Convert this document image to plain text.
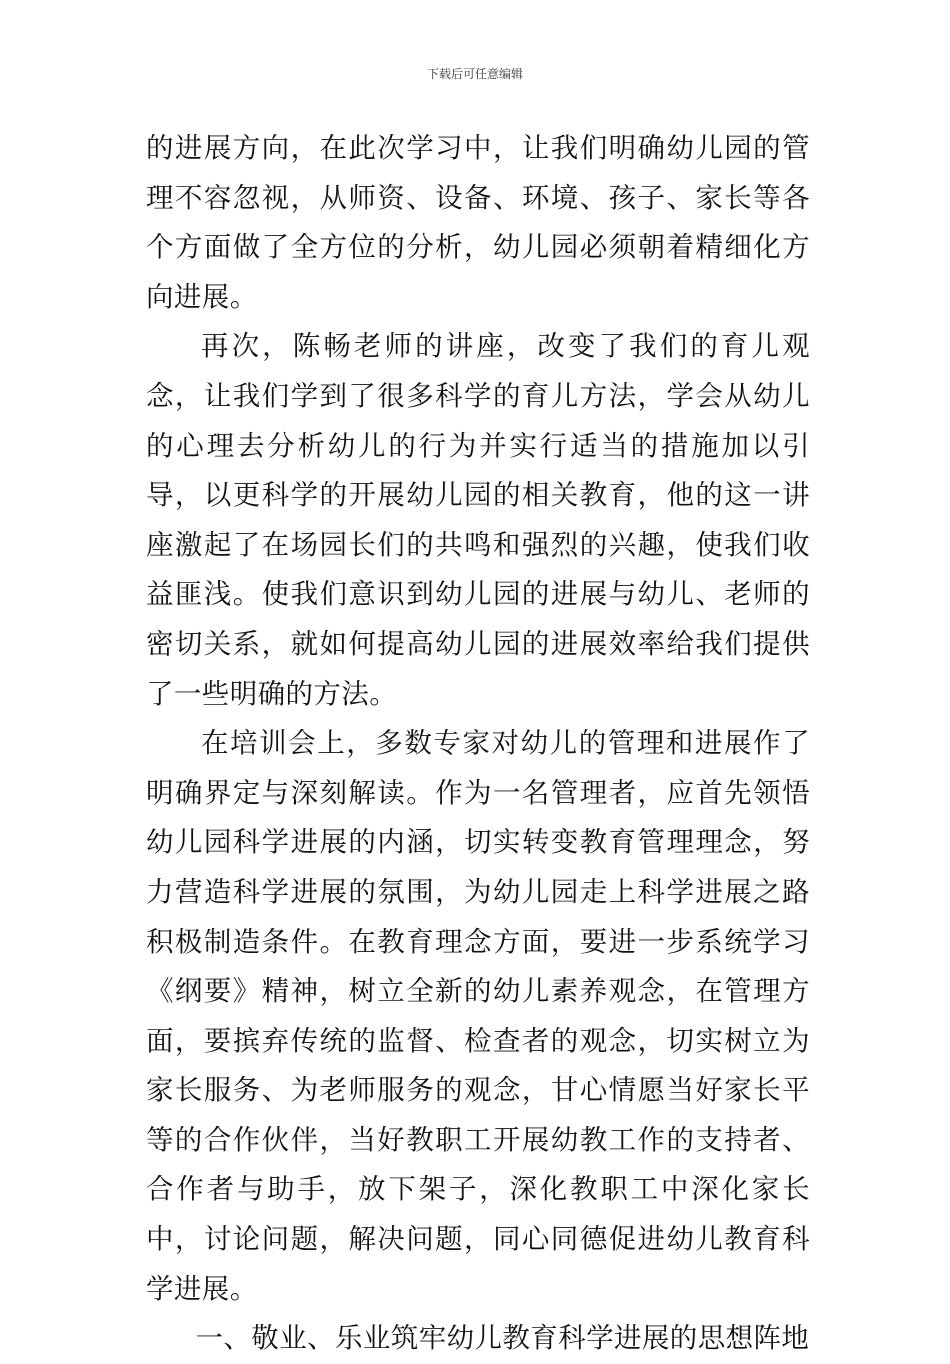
下载后可任意编辑

的进展方向，在此次学习中，让我们明确幼儿园的管理不容忽视，从师资、设备、环境、孩子、家长等各个方面做了全方位的分析，幼儿园必须朝着精细化方向进展。

再次，陈畅老师的讲座，改变了我们的育儿观念，让我们学到了很多科学的育儿方法，学会从幼儿的心理去分析幼儿的行为并实行适当的措施加以引导，以更科学的开展幼儿园的相关教育，他的这一讲座激起了在场园长们的共鸣和强烈的兴趣，使我们收益匪浅。使我们意识到幼儿园的进展与幼儿、老师的密切关系，就如何提高幼儿园的进展效率给我们提供了一些明确的方法。

在培训会上，多数专家对幼儿的管理和进展作了明确界定与深刻解读。作为一名管理者，应首先领悟幼儿园科学进展的内涵，切实转变教育管理理念，努力营造科学进展的氛围，为幼儿园走上科学进展之路积极制造条件。在教育理念方面，要进一步系统学习《纲要》精神，树立全新的幼儿素养观念，在管理方面，要摈弃传统的监督、检查者的观念，切实树立为家长服务、为老师服务的观念，甘心情愿当好家长平等的合作伙伴，当好教职工开展幼教工作的支持者、合作者与助手，放下架子，深化教职工中深化家长中，讨论问题，解决问题，同心同德促进幼儿教育科学进展。

一、敬业、乐业筑牢幼儿教育科学进展的思想阵地
